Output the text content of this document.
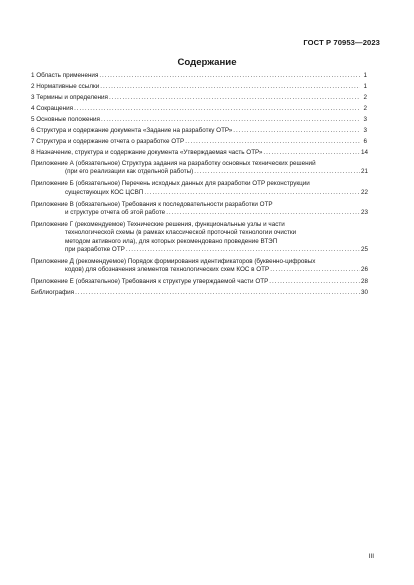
ГОСТ Р 70953—2023
Содержание
1 Область применения . . .	1
2 Нормативные ссылки . . .	1
3 Термины и определения . . .	2
4 Сокращения . . .	2
5 Основные положения . . .	3
6 Структура и содержание документа «Задание на разработку ОТР» . . .	3
7 Структура и содержание отчета о разработке ОТР . . .	6
8 Назначение, структура и содержание документа «Утверждаемая часть ОТР» . . .	14
Приложение А (обязательное) Структура задания на разработку основных технических решений
(при его реализации как отдельной работы) . . .	21
Приложение Б (обязательное) Перечень исходных данных для разработки ОТР реконструкции
существующих КОС ЦСВП . . .	22
Приложение В (обязательное) Требования к последовательности разработки ОТР
и структуре отчета об этой работе . . .	23
Приложение Г (рекомендуемое) Технические решения, функциональные узлы и части
технологической схемы (в рамках классической проточной технологии очистки
методом активного ила), для которых рекомендовано проведение ВТЭП
при разработке ОТР . . .	25
Приложение Д (рекомендуемое) Порядок формирования идентификаторов (буквенно-цифровых
кодов) для обозначения элементов технологических схем КОС в ОТР . . .	26
Приложение Е (обязательное) Требования к структуре утверждаемой части ОТР . . .	28
Библиография . . .	30
III
